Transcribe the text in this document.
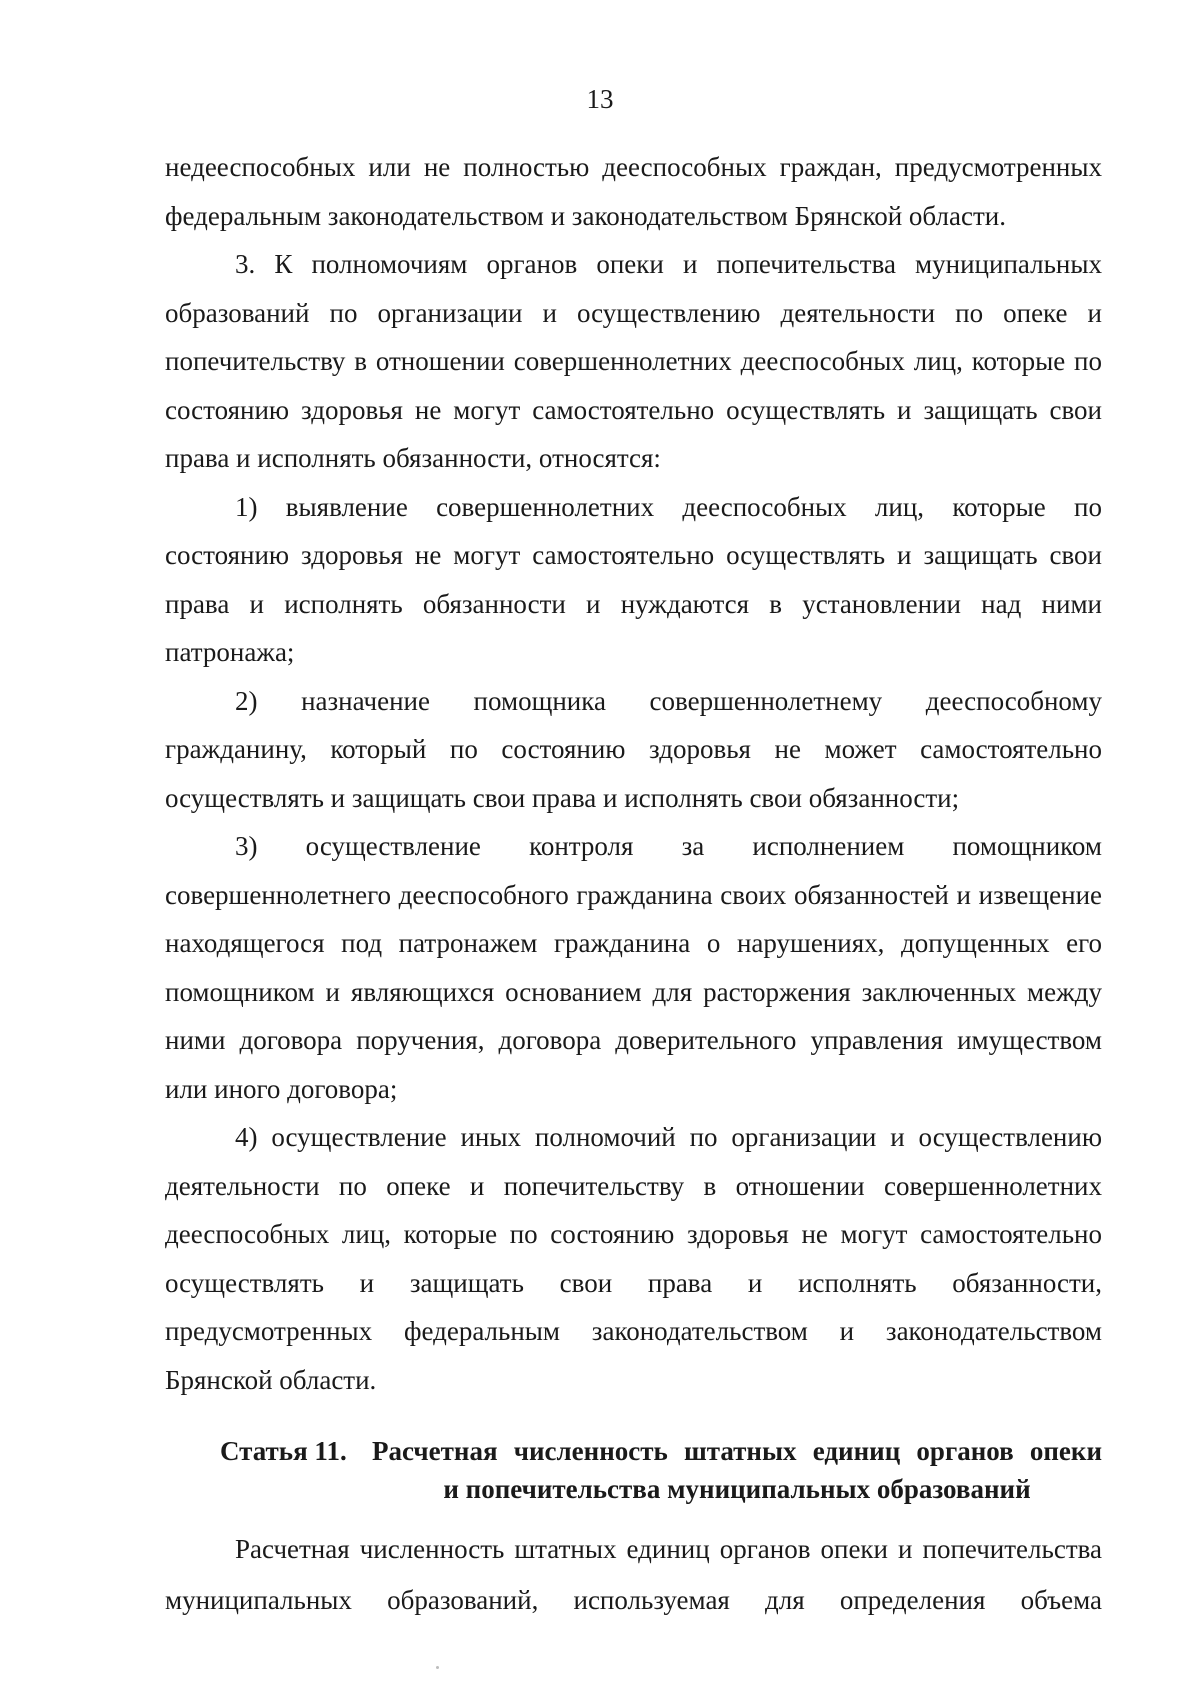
13

недееспособных или не полностью дееспособных граждан, предусмотренных федеральным законодательством и законодательством Брянской области.

3. К полномочиям органов опеки и попечительства муниципальных образований по организации и осуществлению деятельности по опеке и попечительству в отношении совершеннолетних дееспособных лиц, которые по состоянию здоровья не могут самостоятельно осуществлять и защищать свои права и исполнять обязанности, относятся:

1) выявление совершеннолетних дееспособных лиц, которые по состоянию здоровья не могут самостоятельно осуществлять и защищать свои права и исполнять обязанности и нуждаются в установлении над ними патронажа;

2) назначение помощника совершеннолетнему дееспособному гражданину, который по состоянию здоровья не может самостоятельно осуществлять и защищать свои права и исполнять свои обязанности;

3) осуществление контроля за исполнением помощником совершеннолетнего дееспособного гражданина своих обязанностей и извещение находящегося под патронажем гражданина о нарушениях, допущенных его помощником и являющихся основанием для расторжения заключенных между ними договора поручения, договора доверительного управления имуществом или иного договора;

4) осуществление иных полномочий по организации и осуществлению деятельности по опеке и попечительству в отношении совершеннолетних дееспособных лиц, которые по состоянию здоровья не могут самостоятельно осуществлять и защищать свои права и исполнять обязанности, предусмотренных федеральным законодательством и законодательством Брянской области.

Статья 11. Расчетная численность штатных единиц органов опеки
и попечительства муниципальных образований

Расчетная численность штатных единиц органов опеки и попечительства муниципальных образований, используемая для определения объема
